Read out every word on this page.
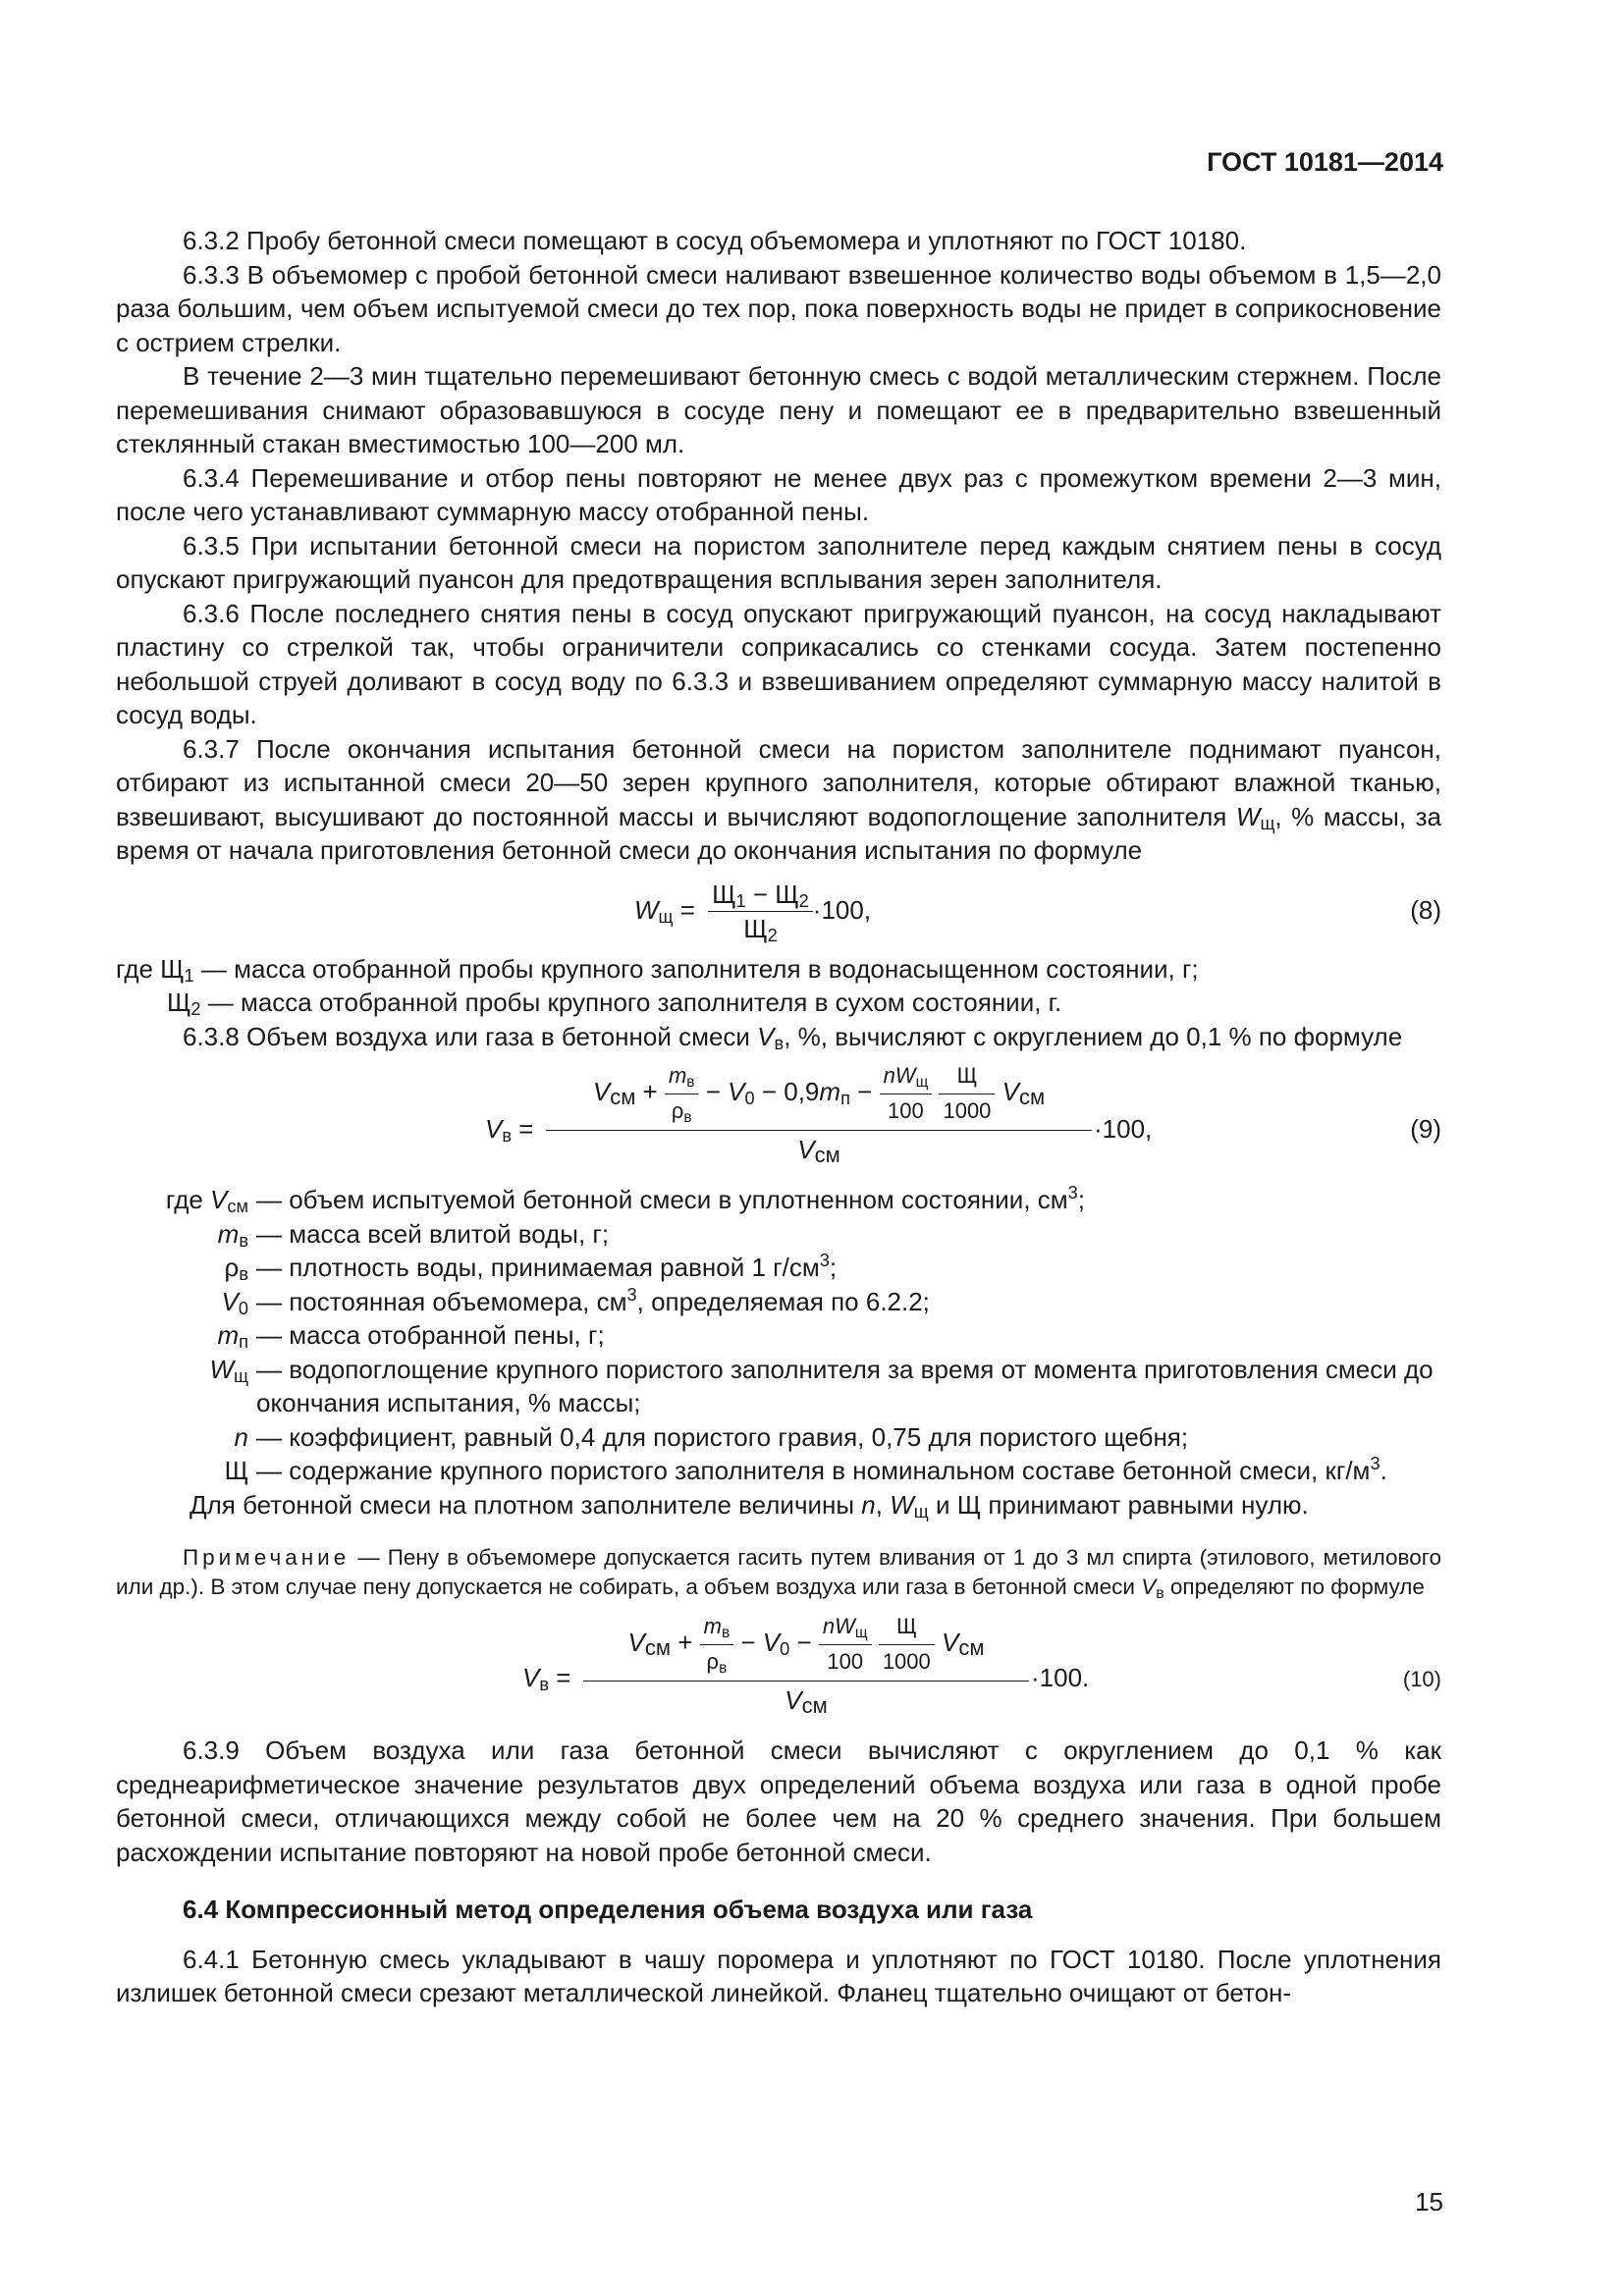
ГОСТ 10181—2014

6.3.2 Пробу бетонной смеси помещают в сосуд объемомера и уплотняют по ГОСТ 10180.

6.3.3 В объемомер с пробой бетонной смеси наливают взвешенное количество воды объемом в 1,5—2,0 раза большим, чем объем испытуемой смеси до тех пор, пока поверхность воды не придет в соприкосновение с острием стрелки.

В течение 2—3 мин тщательно перемешивают бетонную смесь с водой металлическим стержнем. После перемешивания снимают образовавшуюся в сосуде пену и помещают ее в предварительно взвешенный стеклянный стакан вместимостью 100—200 мл.

6.3.4 Перемешивание и отбор пены повторяют не менее двух раз с промежутком времени 2—3 мин, после чего устанавливают суммарную массу отобранной пены.

6.3.5 При испытании бетонной смеси на пористом заполнителе перед каждым снятием пены в сосуд опускают пригружающий пуансон для предотвращения всплывания зерен заполнителя.

6.3.6 После последнего снятия пены в сосуд опускают пригружающий пуансон, на сосуд накладывают пластину со стрелкой так, чтобы ограничители соприкасались со стенками сосуда. Затем постепенно небольшой струей доливают в сосуд воду по 6.3.3 и взвешиванием определяют суммарную массу налитой в сосуд воды.

6.3.7 После окончания испытания бетонной смеси на пористом заполнителе поднимают пуансон, отбирают из испытанной смеси 20—50 зерен крупного заполнителя, которые обтирают влажной тканью, взвешивают, высушивают до постоянной массы и вычисляют водопоглощение заполнителя $W_щ$, % массы, за время от начала приготовления бетонной смеси до окончания испытания по формуле

$W_щ = \frac{Щ_1 - Щ_2}{Щ_2} \cdot 100$,	(8)

где $Щ_1$ — масса отобранной пробы крупного заполнителя в водонасыщенном состоянии, г;

$Щ_2$ — масса отобранной пробы крупного заполнителя в сухом состоянии, г.

6.3.8 Объем воздуха или газа в бетонной смеси $V_в$, %, вычисляют с округлением до 0,1 % по формуле

$V_в$ =
$V_{см} + \frac{m_в}{\rho_в} - V_0 - 0,9m_п - \frac{nW_щ}{100}$
$\frac{Щ}{1000} V_{см}$
$V_{см}$
·100,	(9)
где $V_{см}$ — объем испытуемой бетонной смеси в уплотненном состоянии, $см^3$;
$m_в$ — масса всей влитой воды, г;
$\rho_в$ — плотность воды, принимаемая равной 1 $г/см^3$;
$V_0$ — постоянная объемомера, $см^3$, определяемая по 6.2.2;
$m_п$ — масса отобранной пены, г;
$W_щ$ — водопоглощение крупного пористого заполнителя за время от момента приготовления смеси до окончания испытания, % массы;
n — коэффициент, равный 0,4 для пористого гравия, 0,75 для пористого щебня;
Щ — содержание крупного пористого заполнителя в номинальном составе бетонной смеси, $кг/м^3$.

Для бетонной смеси на плотном заполнителе величины n, $W_щ$ и Щ принимают равными нулю.

Примечание — Пену в объемомере допускается гасить путем вливания от 1 до 3 мл спирта (этилового, метилового или др.). В этом случае пену допускается не собирать, а объем воздуха или газа в бетонной смеси $V_в$ определяют по формуле

$V_в$ =
$V_{см} + \frac{m_в}{\rho_в} - V_0 - \frac{nW_щ}{100}$
$\frac{Щ}{1000} V_{см}$
$V_{см}$
·100.	(10)

6.3.9 Объем воздуха или газа бетонной смеси вычисляют с округлением до 0,1 % как среднеарифметическое значение результатов двух определений объема воздуха или газа в одной пробе бетонной смеси, отличающихся между собой не более чем на 20 % среднего значения. При большем расхождении испытание повторяют на новой пробе бетонной смеси.

6.4 Компрессионный метод определения объема воздуха или газа

6.4.1 Бетонную смесь укладывают в чашу поромера и уплотняют по ГОСТ 10180. После уплотнения излишек бетонной смеси срезают металлической линейкой. Фланец тщательно очищают от бетон-

15
